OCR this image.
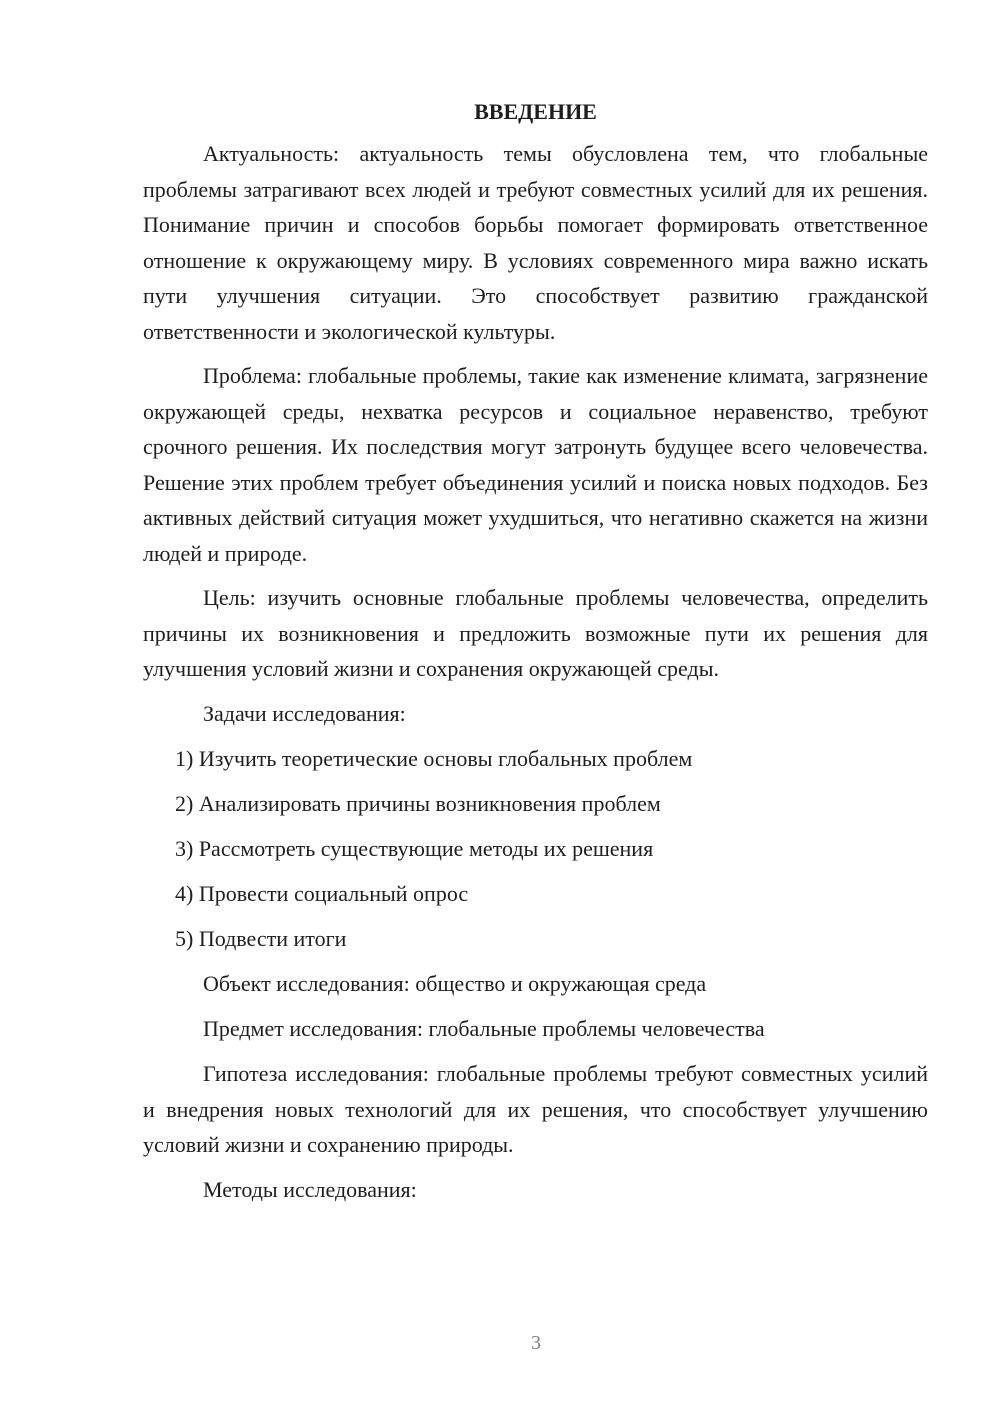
ВВЕДЕНИЕ

Актуальность: актуальность темы обусловлена тем, что глобальные проблемы затрагивают всех людей и требуют совместных усилий для их решения. Понимание причин и способов борьбы помогает формировать ответственное отношение к окружающему миру. В условиях современного мира важно искать пути улучшения ситуации. Это способствует развитию гражданской ответственности и экологической культуры.

Проблема: глобальные проблемы, такие как изменение климата, загрязнение окружающей среды, нехватка ресурсов и социальное неравенство, требуют срочного решения. Их последствия могут затронуть будущее всего человечества. Решение этих проблем требует объединения усилий и поиска новых подходов. Без активных действий ситуация может ухудшиться, что негативно скажется на жизни людей и природе.

Цель: изучить основные глобальные проблемы человечества, определить причины их возникновения и предложить возможные пути их решения для улучшения условий жизни и сохранения окружающей среды.

Задачи исследования:

1) Изучить теоретические основы глобальных проблем

2) Анализировать причины возникновения проблем

3) Рассмотреть существующие методы их решения

4) Провести социальный опрос

5) Подвести итоги

Объект исследования: общество и окружающая среда

Предмет исследования: глобальные проблемы человечества

Гипотеза исследования: глобальные проблемы требуют совместных усилий и внедрения новых технологий для их решения, что способствует улучшению условий жизни и сохранению природы.

Методы исследования:

3
